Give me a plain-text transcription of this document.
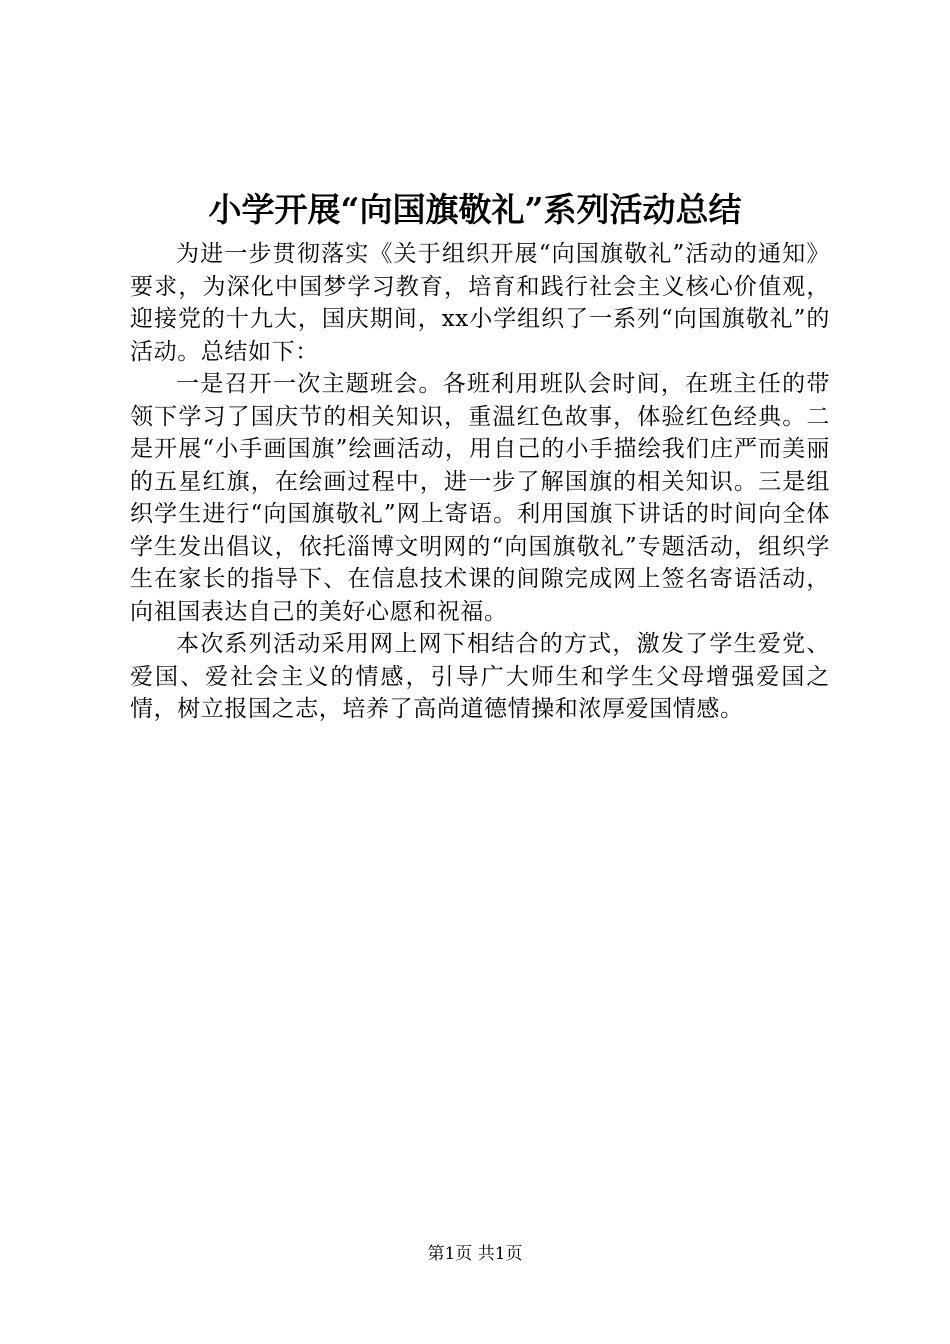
小学开展“向国旗敬礼”系列活动总结

为进一步贯彻落实《关于组织开展“向国旗敬礼”活动的通知》要求，为深化中国梦学习教育，培育和践行社会主义核心价值观，迎接党的十九大，国庆期间，xx小学组织了一系列“向国旗敬礼”的活动。总结如下：

一是召开一次主题班会。各班利用班队会时间，在班主任的带领下学习了国庆节的相关知识，重温红色故事，体验红色经典。二是开展“小手画国旗”绘画活动，用自己的小手描绘我们庄严而美丽的五星红旗，在绘画过程中，进一步了解国旗的相关知识。三是组织学生进行“向国旗敬礼”网上寄语。利用国旗下讲话的时间向全体学生发出倡议，依托淄博文明网的“向国旗敬礼”专题活动，组织学生在家长的指导下、在信息技术课的间隙完成网上签名寄语活动，向祖国表达自己的美好心愿和祝福。

本次系列活动采用网上网下相结合的方式，激发了学生爱党、爱国、爱社会主义的情感，引导广大师生和学生父母增强爱国之情，树立报国之志，培养了高尚道德情操和浓厚爱国情感。

第1页 共1页
